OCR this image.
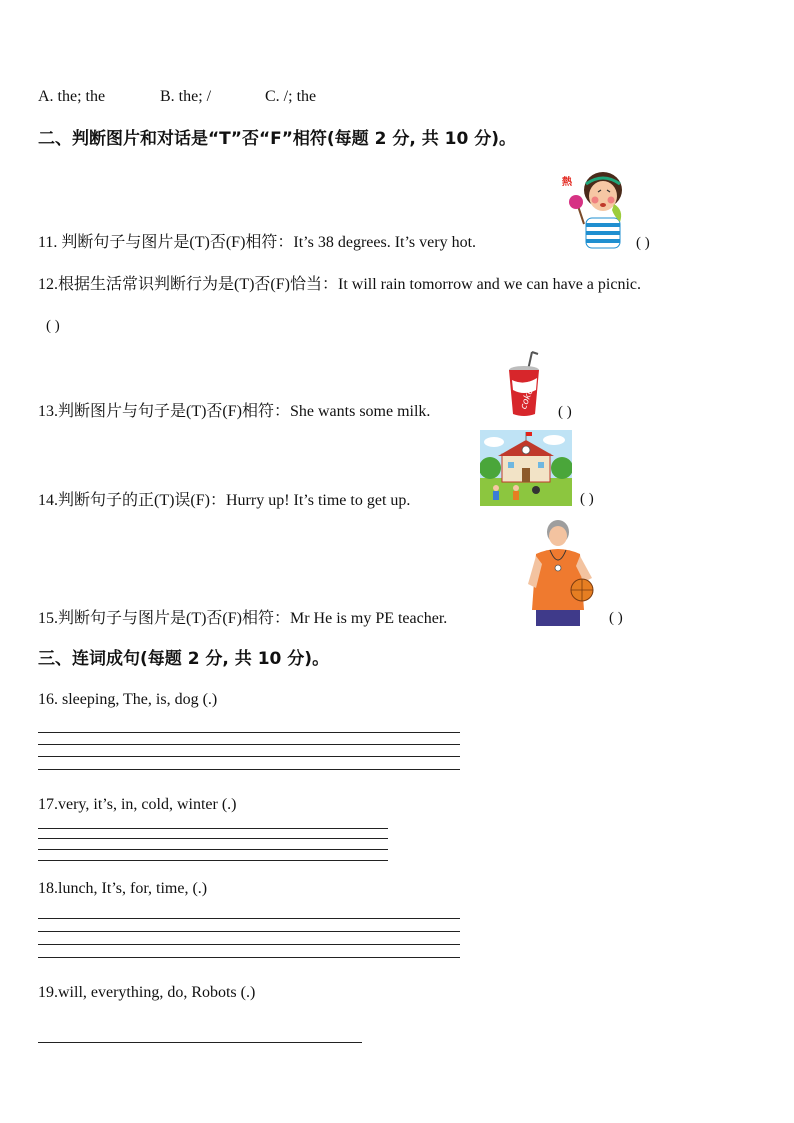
A. the; the	B. the; /	C. /; the
二、判断图片和对话是“T”否“F”相符(每题 2 分, 共 10 分)。
熱
11. 判断句子与图片是(T)否(F)相符：It’s 38 degrees. It’s very hot.	( )
12.根据生活常识判断行为是(T)否(F)恰当：It will rain tomorrow and we can have a picnic.
( )
coke
13.判断图片与句子是(T)否(F)相符：She wants some milk.	( )
14.判断句子的正(T)误(F)：Hurry up! It’s time to get up.	( )
15.判断句子与图片是(T)否(F)相符：Mr He is my PE teacher.	( )
三、连词成句(每题 2 分, 共 10 分)。
16. sleeping, The, is, dog (.)
17.very, it’s, in, cold, winter (.)
18.lunch, It’s, for, time, (.)
19.will, everything, do, Robots (.)
